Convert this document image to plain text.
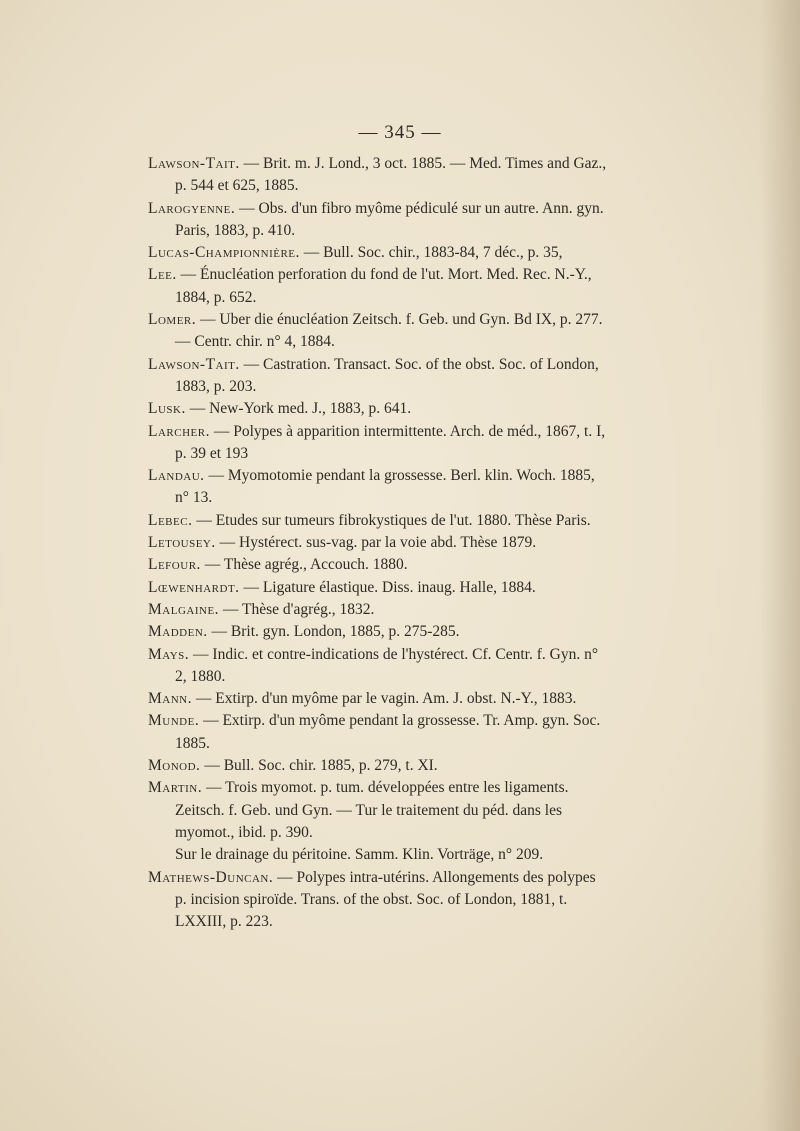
— 345 —
Lawson-Tait. — Brit. m. J. Lond., 3 oct. 1885. — Med. Times and Gaz., p. 544 et 625, 1885.
Larogyenne. — Obs. d'un fibro myôme pédiculé sur un autre. Ann. gyn. Paris, 1883, p. 410.
Lucas-Championnière. — Bull. Soc. chir., 1883-84, 7 déc., p. 35,
Lee. — Énucléation perforation du fond de l'ut. Mort. Med. Rec. N.-Y., 1884, p. 652.
Lomer. — Uber die énucléation Zeitsch. f. Geb. und Gyn. Bd IX, p. 277. — Centr. chir. n° 4, 1884.
Lawson-Tait. — Castration. Transact. Soc. of the obst. Soc. of London, 1883, p. 203.
Lusk. — New-York med. J., 1883, p. 641.
Larcher. — Polypes à apparition intermittente. Arch. de méd., 1867, t. I, p. 39 et 193
Landau. — Myomotomie pendant la grossesse. Berl. klin. Woch. 1885, n° 13.
Lebec. — Etudes sur tumeurs fibrokystiques de l'ut. 1880. Thèse Paris.
Letousey. — Hystérect. sus-vag. par la voie abd. Thèse 1879.
Lefour. — Thèse agrég., Accouch. 1880.
Lœwenhardt. — Ligature élastique. Diss. inaug. Halle, 1884.
Malgaine. — Thèse d'agrég., 1832.
Madden. — Brit. gyn. London, 1885, p. 275-285.
Mays. — Indic. et contre-indications de l'hystérect. Cf. Centr. f. Gyn. n° 2, 1880.
Mann. — Extirp. d'un myôme par le vagin. Am. J. obst. N.-Y., 1883.
Munde. — Extirp. d'un myôme pendant la grossesse. Tr. Amp. gyn. Soc. 1885.
Monod. — Bull. Soc. chir. 1885, p. 279, t. XI.
Martin. — Trois myomot. p. tum. développées entre les ligaments. Zeitsch. f. Geb. und Gyn. — Tur le traitement du péd. dans les myomot., ibid. p. 390.
Sur le drainage du péritoine. Samm. Klin. Vorträge, n° 209.
Mathews-Duncan. — Polypes intra-utérins. Allongements des polypes p. incision spiroïde. Trans. of the obst. Soc. of London, 1881, t. LXXIII, p. 223.
